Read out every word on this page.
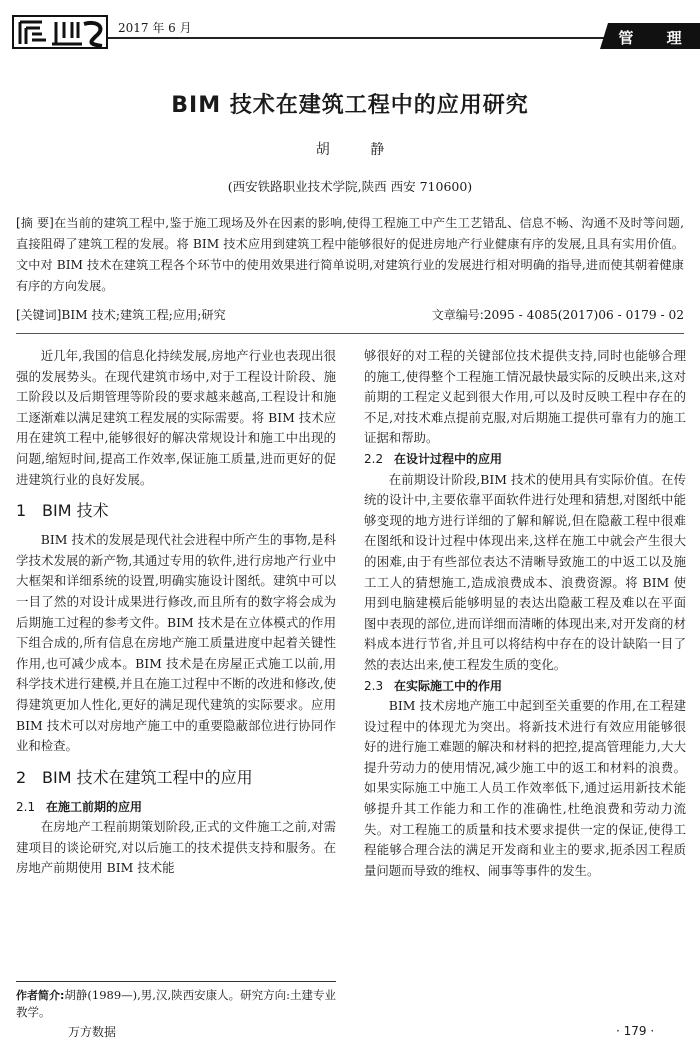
2017 年 6 月
管 理
BIM 技术在建筑工程中的应用研究
胡 静
(西安铁路职业技术学院,陕西 西安 710600)
[摘 要]在当前的建筑工程中,鉴于施工现场及外在因素的影响,使得工程施工中产生工艺错乱、信息不畅、沟通不及时等问题,直接阻碍了建筑工程的发展。将 BIM 技术应用到建筑工程中能够很好的促进房地产行业健康有序的发展,且具有实用价值。文中对 BIM 技术在建筑工程各个环节中的使用效果进行简单说明,对建筑行业的发展进行相对明确的指导,进而使其朝着健康有序的方向发展。
[关键词]BIM 技术;建筑工程;应用;研究	文章编号:2095 - 4085(2017)06 - 0179 - 02

近几年,我国的信息化持续发展,房地产行业也表现出很强的发展势头。在现代建筑市场中,对于工程设计阶段、施工阶段以及后期管理等阶段的要求越来越高,工程设计和施工逐渐难以满足建筑工程发展的实际需要。将 BIM 技术应用在建筑工程中,能够很好的解决常规设计和施工中出现的问题,缩短时间,提高工作效率,保证施工质量,进而更好的促进建筑行业的良好发展。

1 BIM 技术

BIM 技术的发展是现代社会进程中所产生的事物,是科学技术发展的新产物,其通过专用的软件,进行房地产行业中大框架和详细系统的设置,明确实施设计图纸。建筑中可以一目了然的对设计成果进行修改,而且所有的数字将会成为后期施工过程的参考文件。BIM 技术是在立体模式的作用下组合成的,所有信息在房地产施工质量进度中起着关键性作用,也可减少成本。BIM 技术是在房屋正式施工以前,用科学技术进行建模,并且在施工过程中不断的改进和修改,使得建筑更加人性化,更好的满足现代建筑的实际要求。应用 BIM 技术可以对房地产施工中的重要隐蔽部位进行协同作业和检查。

2 BIM 技术在建筑工程中的应用
2.1 在施工前期的应用

在房地产工程前期策划阶段,正式的文件施工之前,对需建项目的谈论研究,对以后施工的技术提供支持和服务。在房地产前期使用 BIM 技术能

够很好的对工程的关键部位技术提供支持,同时也能够合理的施工,使得整个工程施工情况最快最实际的反映出来,这对前期的工程定义起到很大作用,可以及时反映工程中存在的不足,对技术难点提前克服,对后期施工提供可靠有力的施工证据和帮助。

2.2 在设计过程中的应用

在前期设计阶段,BIM 技术的使用具有实际价值。在传统的设计中,主要依靠平面软件进行处理和猜想,对图纸中能够变现的地方进行详细的了解和解说,但在隐蔽工程中很难在图纸和设计过程中体现出来,这样在施工中就会产生很大的困难,由于有些部位表达不清晰导致施工的中返工以及施工工人的猜想施工,造成浪费成本、浪费资源。将 BIM 使用到电脑建模后能够明显的表达出隐蔽工程及难以在平面图中表现的部位,进而详细而清晰的体现出来,对开发商的材料成本进行节省,并且可以将结构中存在的设计缺陷一目了然的表达出来,使工程发生质的变化。

2.3 在实际施工中的作用

BIM 技术房地产施工中起到至关重要的作用,在工程建设过程中的体现尤为突出。将新技术进行有效应用能够很好的进行施工难题的解决和材料的把控,提高管理能力,大大提升劳动力的使用情况,减少施工中的返工和材料的浪费。如果实际施工中施工人员工作效率低下,通过运用新技术能够提升其工作能力和工作的准确性,杜绝浪费和劳动力流失。对工程施工的质量和技术要求提供一定的保证,使得工程能够合理合法的满足开发商和业主的要求,扼杀因工程质量问题而导致的维权、闹事等事件的发生。

作者简介:胡静(1989—),男,汉,陕西安康人。研究方向:土建专业教学。
万方数据	· 179 ·
